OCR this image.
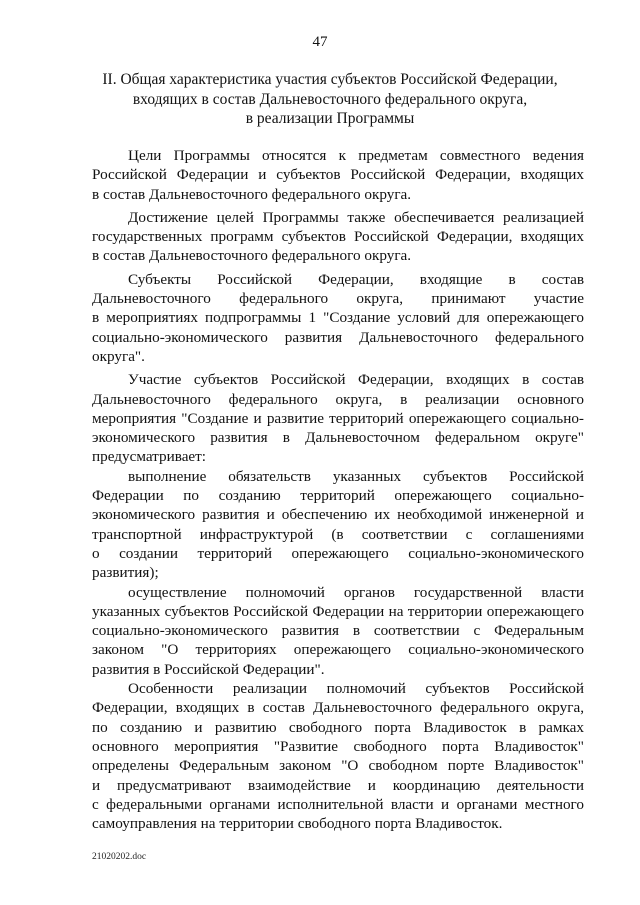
47
II. Общая характеристика участия субъектов Российской Федерации,
входящих в состав Дальневосточного федерального округа,
в реализации Программы
Цели Программы относятся к предметам совместного ведения
Российской Федерации и субъектов Российской Федерации, входящих
в состав Дальневосточного федерального округа.
Достижение целей Программы также обеспечивается реализацией
государственных программ субъектов Российской Федерации, входящих
в состав Дальневосточного федерального округа.
Субъекты Российской Федерации, входящие в состав
Дальневосточного федерального округа, принимают участие
в мероприятиях подпрограммы 1 "Создание условий для опережающего
социально-экономического развития Дальневосточного федерального
округа".
Участие субъектов Российской Федерации, входящих в состав
Дальневосточного федерального округа, в реализации основного
мероприятия "Создание и развитие территорий опережающего социально-
экономического развития в Дальневосточном федеральном округе"
предусматривает:
выполнение обязательств указанных субъектов Российской
Федерации по созданию территорий опережающего социально-
экономического развития и обеспечению их необходимой инженерной и
транспортной инфраструктурой (в соответствии с соглашениями
о создании территорий опережающего социально-экономического
развития);
осуществление полномочий органов государственной власти
указанных субъектов Российской Федерации на территории опережающего
социально-экономического развития в соответствии с Федеральным
законом "О территориях опережающего социально-экономического
развития в Российской Федерации".
Особенности реализации полномочий субъектов Российской
Федерации, входящих в состав Дальневосточного федерального округа,
по созданию и развитию свободного порта Владивосток в рамках
основного мероприятия "Развитие свободного порта Владивосток"
определены Федеральным законом "О свободном порте Владивосток"
и предусматривают взаимодействие и координацию деятельности
с федеральными органами исполнительной власти и органами местного
самоуправления на территории свободного порта Владивосток.
21020202.doc
